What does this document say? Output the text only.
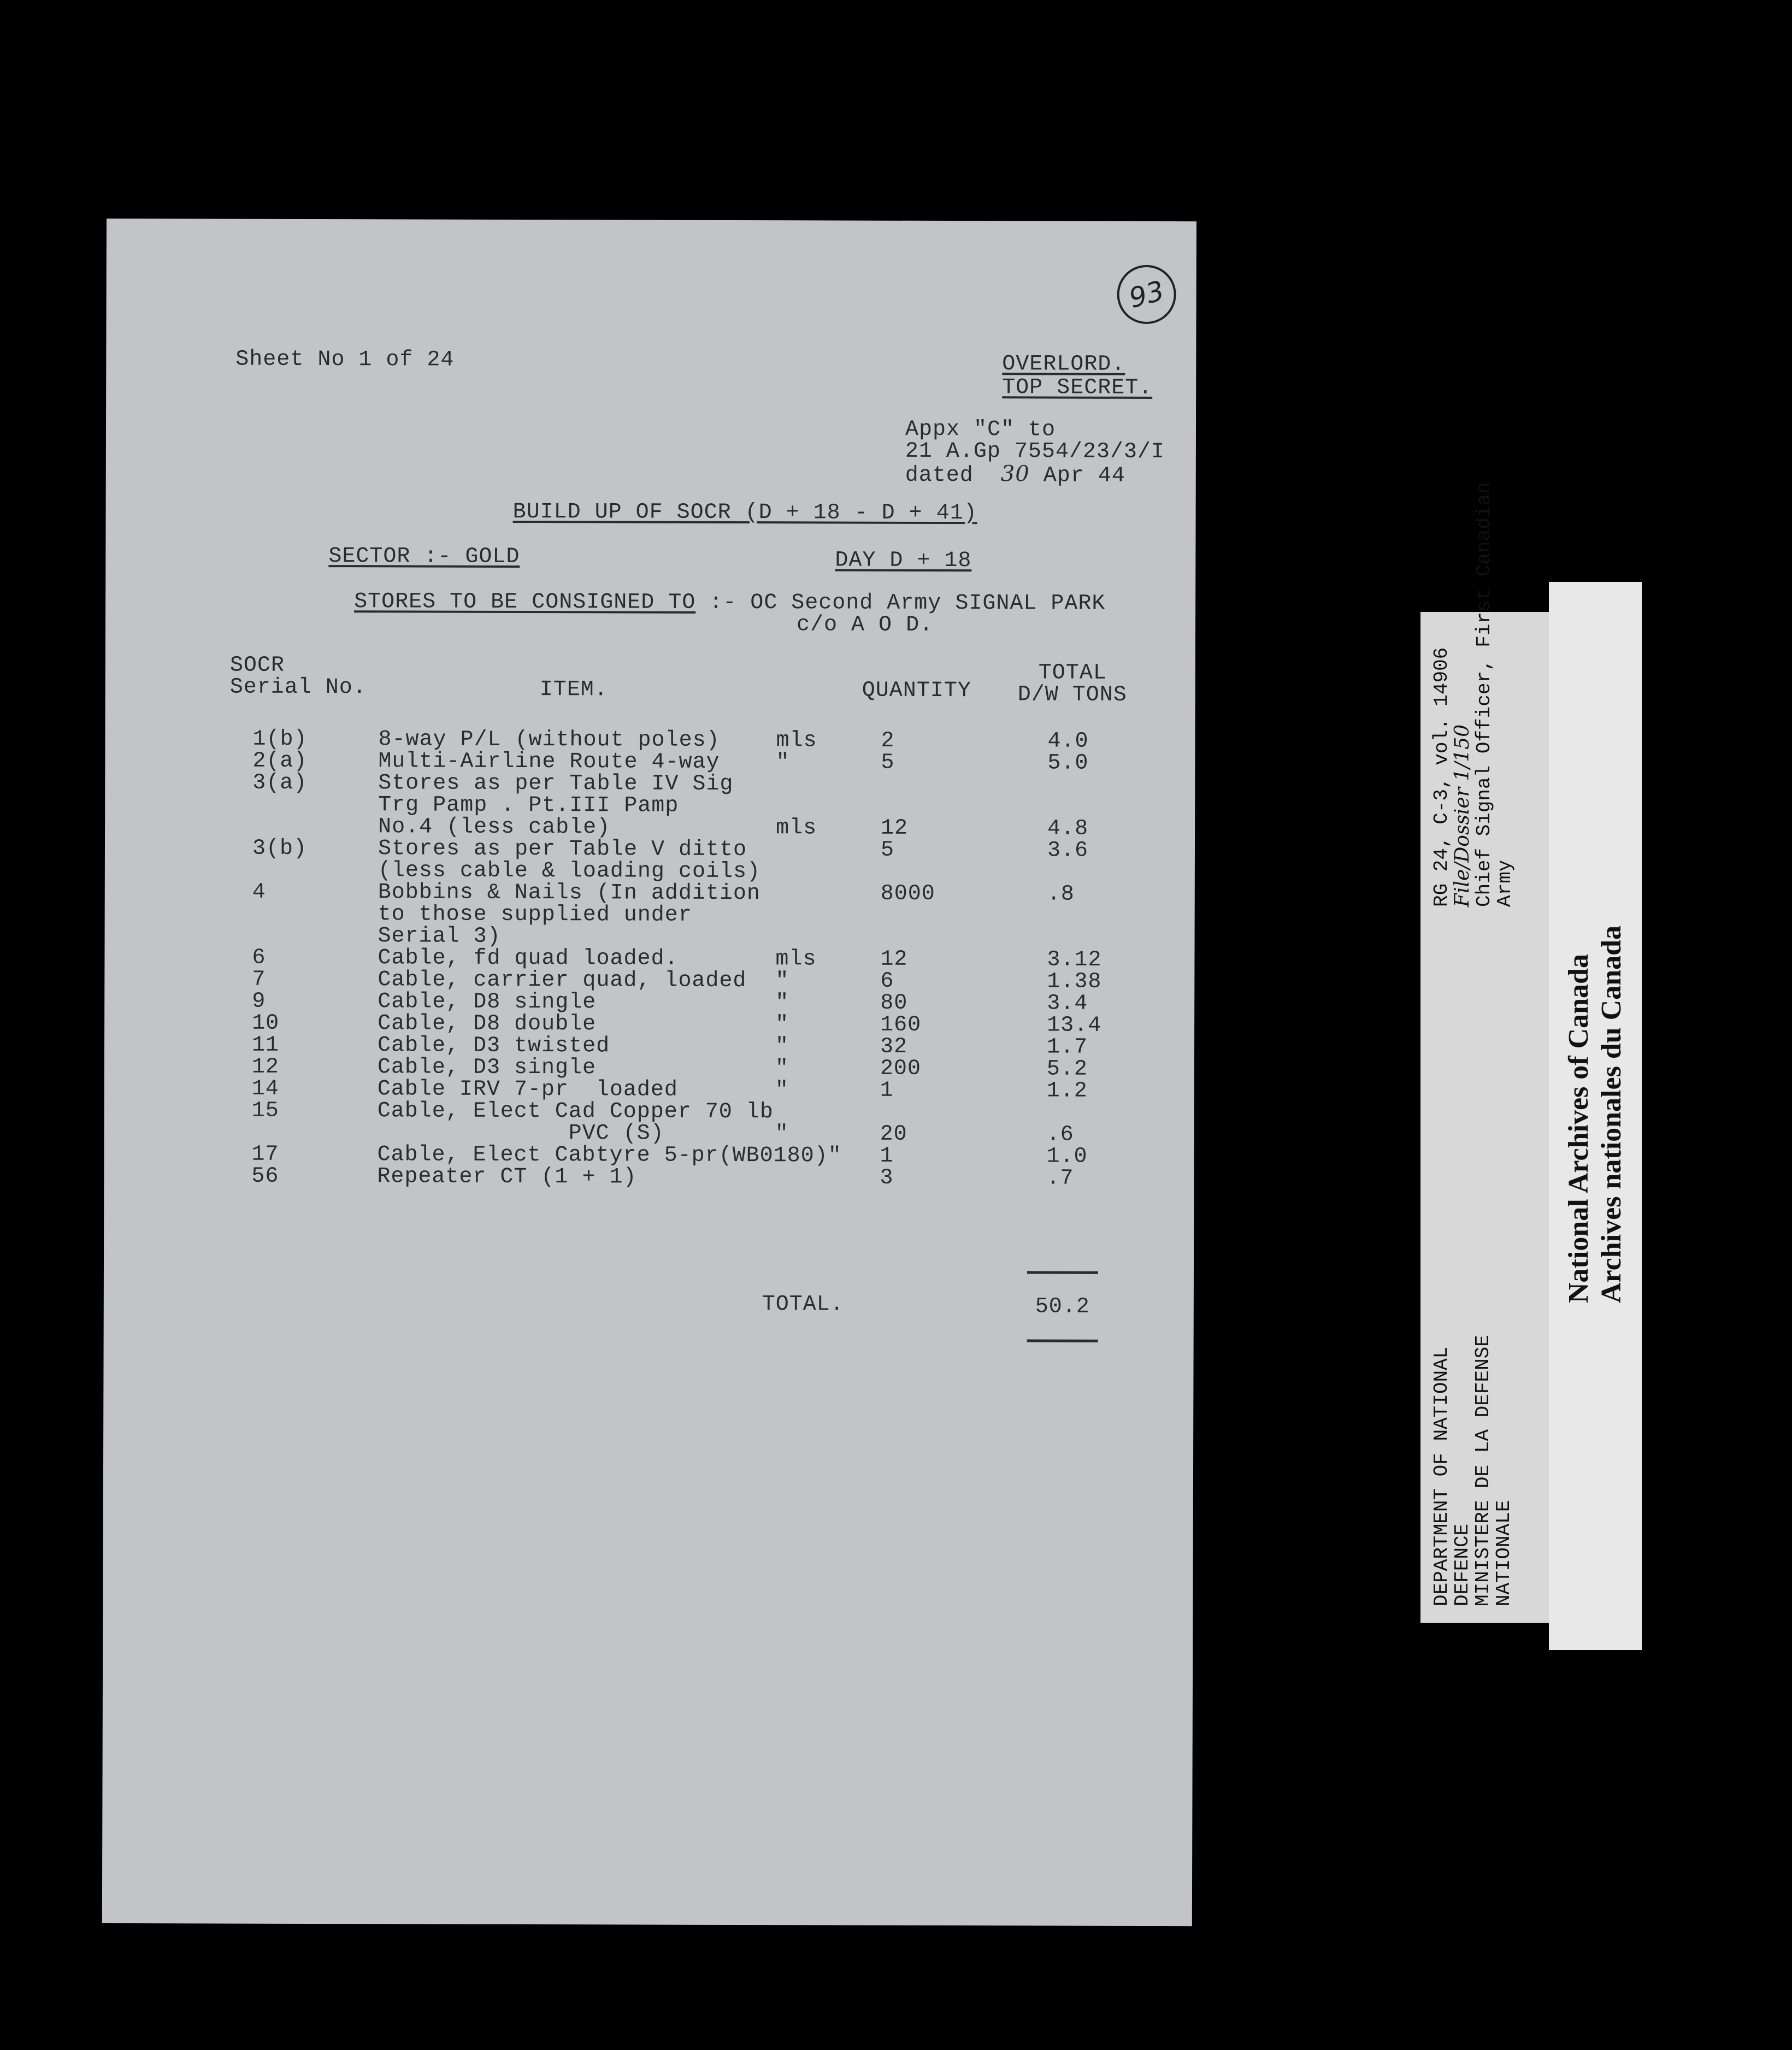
93
Sheet No 1 of 24	OVERLORD.
TOP SECRET.
Appx "C" to
21 A.Gp 7554/23/3/I
dated 30 Apr 44
BUILD UP OF SOCR (D + 18 - D + 41)
SECTOR :- GOLD	DAY D + 18
STORES TO BE CONSIGNED TO :- OC Second Army SIGNAL PARK
c/o A O D.
SOCR
Serial No.	ITEM.	QUANTITY
TOTAL
D/W TONS
1(b)	8-way P/L (without poles)	mls	2	4.0
2(a)	Multi-Airline Route 4-way	"	5	5.0
3(a)	Stores as per Table IV Sig
Trg Pamp . Pt.III Pamp
No.4 (less cable)	mls	12	4.8
3(b)	Stores as per Table V ditto	5	3.6
(less cable & loading coils)
4	Bobbins & Nails (In addition	8000	.8
to those supplied under
Serial 3)
6	Cable, fd quad loaded.	mls	12	3.12
7	Cable, carrier quad, loaded "	6	1.38
9	Cable, D8 single	"	80	3.4
10	Cable, D8 double	"	160	13.4
11	Cable, D3 twisted	"	32	1.7
12	Cable, D3 single	"	200	5.2
14	Cable IRV 7-pr  loaded	"	1	1.2
15	Cable, Elect Cad Copper 70 lb
PVC (S)	"	20	.6
17	Cable, Elect Cabtyre 5-pr(WB0180)" 1	1.0
56	Repeater CT (1 + 1)	3	.7
TOTAL.	50.2
RG 24, C-3, vol. 14906
File/Dossier 1/150
Chief Signal Officer, First Canadian
Army
DEPARTMENT OF NATIONAL
DEFENCE
MINISTERE DE LA DEFENSE
NATIONALE
National Archives of Canada
Archives nationales du Canada
